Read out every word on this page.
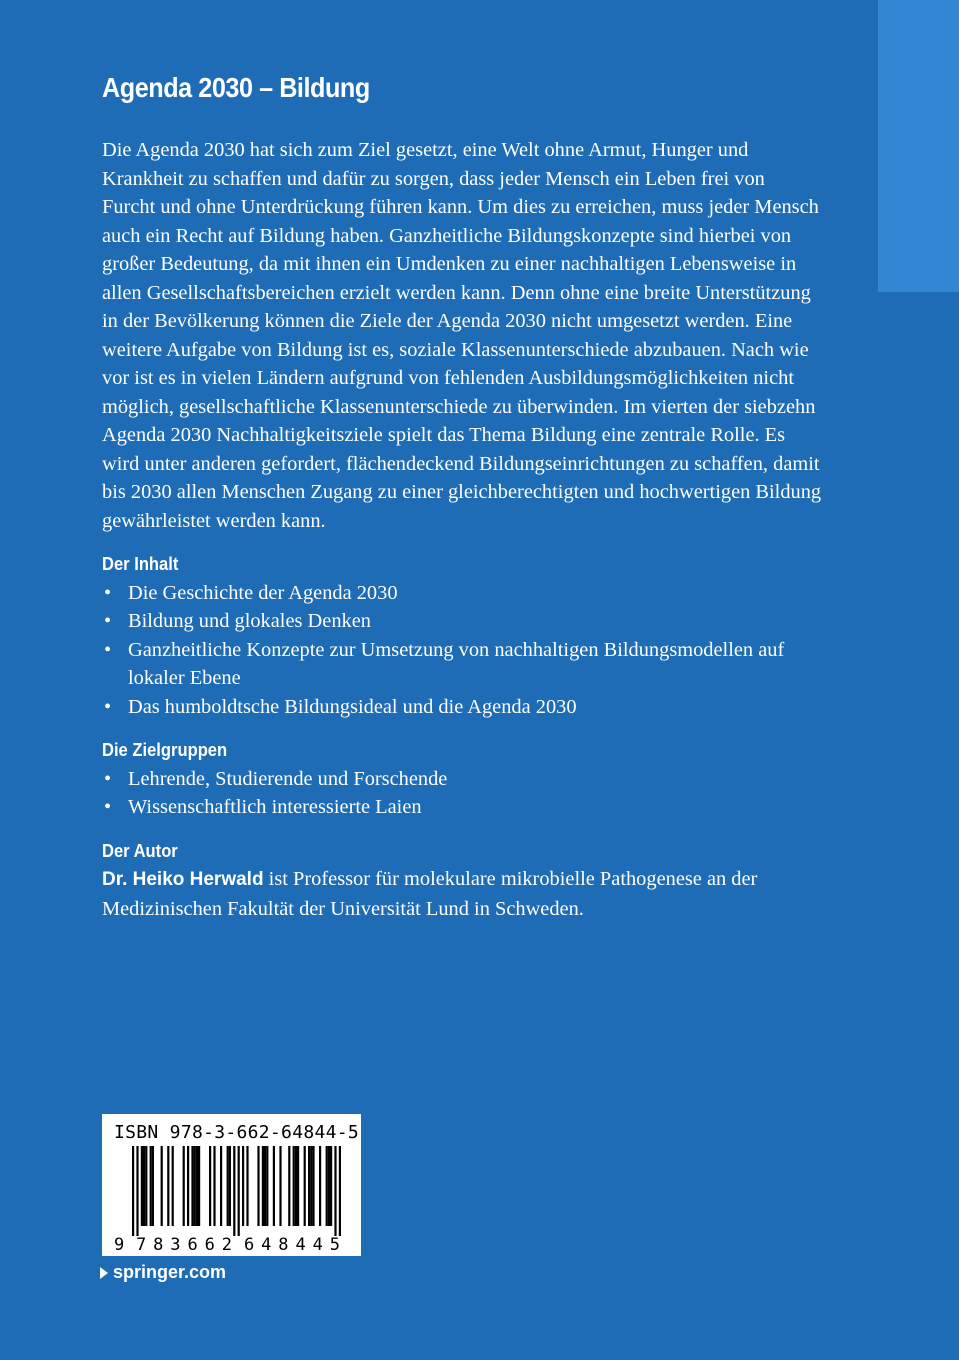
Agenda 2030 – Bildung

Die Agenda 2030 hat sich zum Ziel gesetzt, eine Welt ohne Armut, Hunger und Krankheit zu schaffen und dafür zu sorgen, dass jeder Mensch ein Leben frei von Furcht und ohne Unterdrückung führen kann. Um dies zu erreichen, muss jeder Mensch auch ein Recht auf Bildung haben. Ganzheitliche Bildungskonzepte sind hierbei von großer Bedeutung, da mit ihnen ein Umdenken zu einer nachhaltigen Lebensweise in allen Gesellschaftsbereichen erzielt werden kann. Denn ohne eine breite Unterstützung in der Bevölkerung können die Ziele der Agenda 2030 nicht umgesetzt werden. Eine weitere Aufgabe von Bildung ist es, soziale Klassenunterschiede abzubauen. Nach wie vor ist es in vielen Ländern aufgrund von fehlenden Ausbildungsmöglichkeiten nicht möglich, gesellschaftliche Klassenunterschiede zu überwinden. Im vierten der siebzehn Agenda 2030 Nachhaltigkeitsziele spielt das Thema Bildung eine zentrale Rolle. Es wird unter anderen gefordert, flächendeckend Bildungseinrichtungen zu schaffen, damit bis 2030 allen Menschen Zugang zu einer gleichberechtigten und hochwertigen Bildung gewährleistet werden kann.

Der Inhalt
• Die Geschichte der Agenda 2030
• Bildung und glokales Denken
• Ganzheitliche Konzepte zur Umsetzung von nachhaltigen Bildungsmodellen auf lokaler Ebene
• Das humboldtsche Bildungsideal und die Agenda 2030
Die Zielgruppen
• Lehrende, Studierende und Forschende
• Wissenschaftlich interessierte Laien
Der Autor

Dr. Heiko Herwald ist Professor für molekulare mikrobielle Pathogenese an der Medizinischen Fakultät der Universität Lund in Schweden.

ISBN 978-3-662-64844-5
9 783662 648445
springer.com
